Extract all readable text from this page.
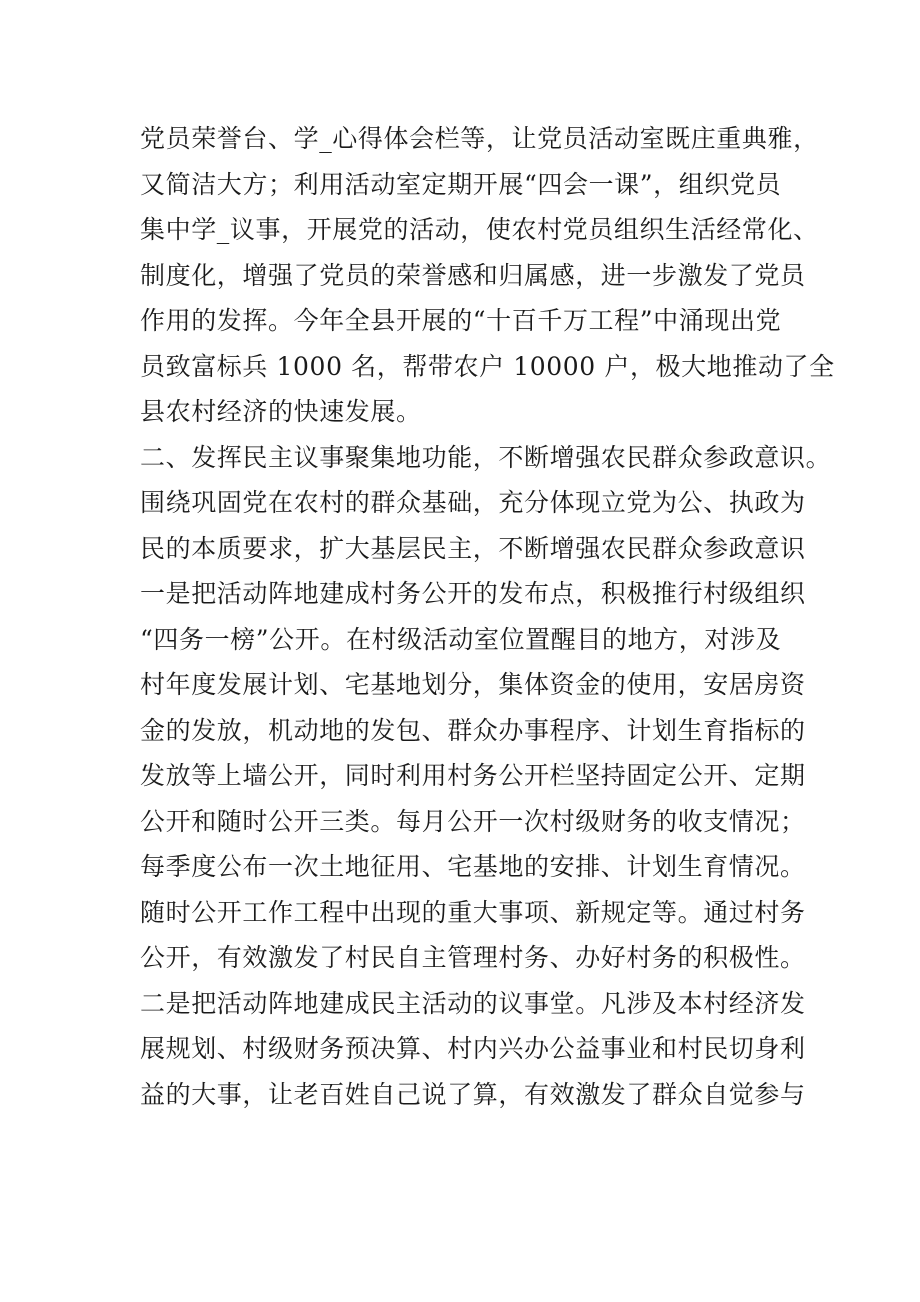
党员荣誉台、学_心得体会栏等，让党员活动室既庄重典雅，
又简洁大方；利用活动室定期开展“四会一课”，组织党员
集中学_议事，开展党的活动，使农村党员组织生活经常化、
制度化，增强了党员的荣誉感和归属感，进一步激发了党员
作用的发挥。今年全县开展的“十百千万工程”中涌现出党
员致富标兵 1000 名，帮带农户 10000 户，极大地推动了全
县农村经济的快速发展。
二、发挥民主议事聚集地功能，不断增强农民群众参政意识。
围绕巩固党在农村的群众基础，充分体现立党为公、执政为
民的本质要求，扩大基层民主，不断增强农民群众参政意识
一是把活动阵地建成村务公开的发布点，积极推行村级组织
“四务一榜”公开。在村级活动室位置醒目的地方，对涉及
村年度发展计划、宅基地划分，集体资金的使用，安居房资
金的发放，机动地的发包、群众办事程序、计划生育指标的
发放等上墙公开，同时利用村务公开栏坚持固定公开、定期
公开和随时公开三类。每月公开一次村级财务的收支情况；
每季度公布一次土地征用、宅基地的安排、计划生育情况。
随时公开工作工程中出现的重大事项、新规定等。通过村务
公开，有效激发了村民自主管理村务、办好村务的积极性。
二是把活动阵地建成民主活动的议事堂。凡涉及本村经济发
展规划、村级财务预决算、村内兴办公益事业和村民切身利
益的大事，让老百姓自己说了算，有效激发了群众自觉参与
